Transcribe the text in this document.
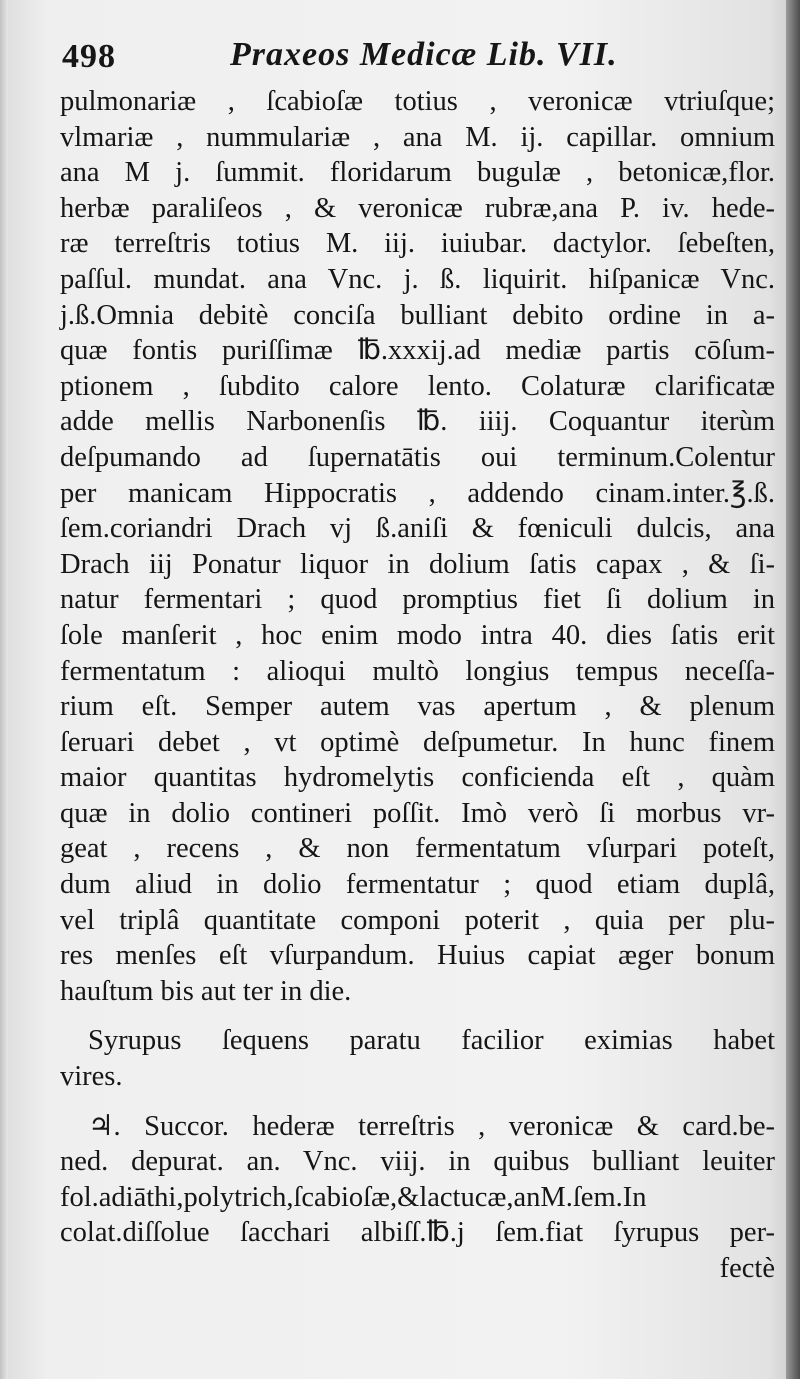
498	Praxeos Medicæ Lib. VII.
pulmonariæ , ſcabioſæ totius , veronicæ vtriuſque;
vlmariæ , nummulariæ , ana M. ij. capillar. omnium
ana M j. ſummit. floridarum bugulæ , betonicæ,flor.
herbæ paraliſeos , & veronicæ rubræ,ana P. iv. hede-
ræ terreſtris totius M. iij. iuiubar. dactylor. ſebeſten,
paſſul. mundat. ana Vnc. j. ß. liquirit. hiſpanicæ Vnc.
j.ß.Omnia debitè conciſa bulliant debito ordine in a-
quæ fontis puriſſimæ ℔.xxxij.ad mediæ partis cōſum-
ptionem , ſubdito calore lento. Colaturæ clarificatæ
adde mellis Narbonenſis ℔. iiij. Coquantur iterùm
deſpumando ad ſupernatātis oui terminum.Colentur
per manicam Hippocratis , addendo cinam.inter.℥.ß.
ſem.coriandri Drach vj ß.aniſi & fœniculi dulcis, ana
Drach iij Ponatur liquor in dolium ſatis capax , & ſi-
natur fermentari ; quod promptius fiet ſi dolium in
ſole manſerit , hoc enim modo intra 40. dies ſatis erit
fermentatum : alioqui multò longius tempus neceſſa-
rium eſt. Semper autem vas apertum , & plenum
ſeruari debet , vt optimè deſpumetur. In hunc finem
maior quantitas hydromelytis conficienda eſt , quàm
quæ in dolio contineri poſſit. Imò verò ſi morbus vr-
geat , recens , & non fermentatum vſurpari poteſt,
dum aliud in dolio fermentatur ; quod etiam duplâ,
vel triplâ quantitate componi poterit , quia per plu-
res menſes eſt vſurpandum. Huius capiat æger bonum
hauſtum bis aut ter in die.
Syrupus ſequens paratu facilior eximias habet
vires.
♃. Succor. hederæ terreſtris , veronicæ & card.be-
ned. depurat. an. Vnc. viij. in quibus bulliant leuiter
fol.adiāthi,polytrich,ſcabioſæ,&lactucæ,anM.ſem.In
colat.diſſolue ſacchari albiſſ.℔.j ſem.fiat ſyrupus per-
fectè
